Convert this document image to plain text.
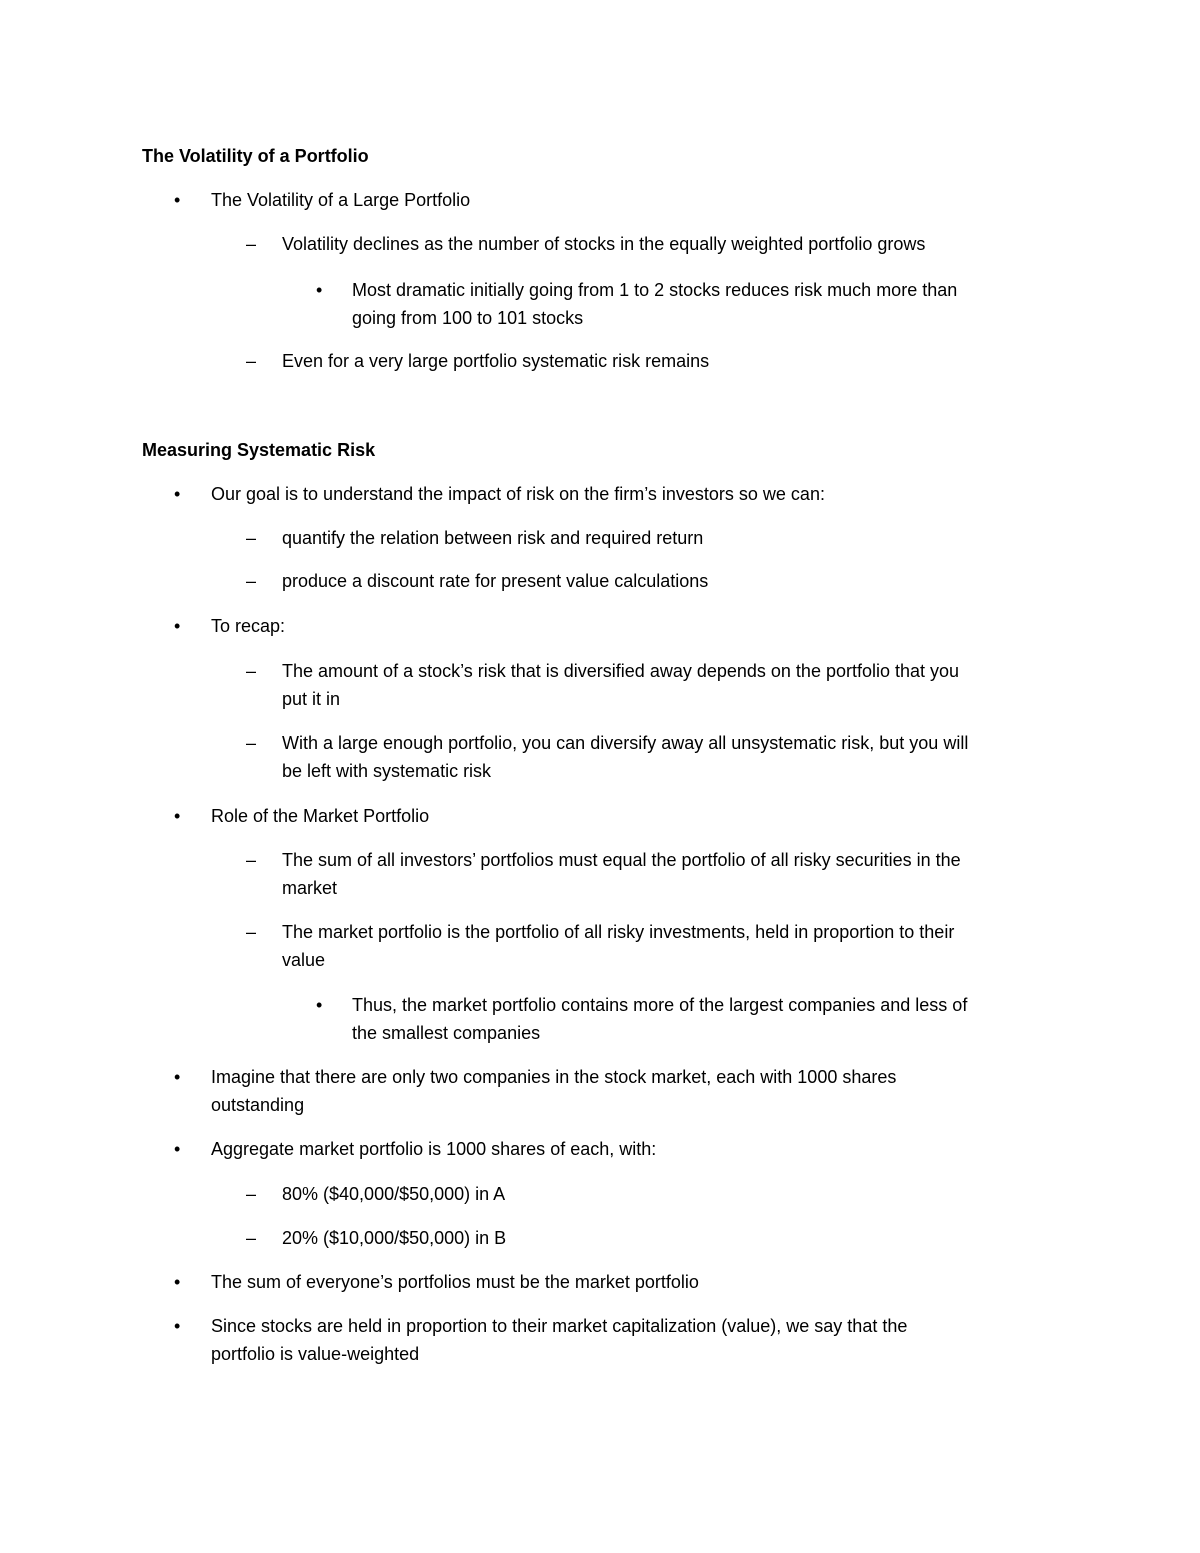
The Volatility of a Portfolio

• The Volatility of a Large Portfolio

– Volatility declines as the number of stocks in the equally weighted portfolio grows

• Most dramatic initially going from 1 to 2 stocks reduces risk much more than

going from 100 to 101 stocks

– Even for a very large portfolio systematic risk remains

Measuring Systematic Risk

• Our goal is to understand the impact of risk on the firm’s investors so we can:

– quantify the relation between risk and required return

– produce a discount rate for present value calculations

• To recap:

– The amount of a stock’s risk that is diversified away depends on the portfolio that you

put it in

– With a large enough portfolio, you can diversify away all unsystematic risk, but you will

be left with systematic risk

• Role of the Market Portfolio

– The sum of all investors’ portfolios must equal the portfolio of all risky securities in the

market

– The market portfolio is the portfolio of all risky investments, held in proportion to their

value

• Thus, the market portfolio contains more of the largest companies and less of

the smallest companies

• Imagine that there are only two companies in the stock market, each with 1000 shares

outstanding

• Aggregate market portfolio is 1000 shares of each, with:

– 80% ($40,000/$50,000) in A

– 20% ($10,000/$50,000) in B

• The sum of everyone’s portfolios must be the market portfolio

• Since stocks are held in proportion to their market capitalization (value), we say that the

portfolio is value-weighted
